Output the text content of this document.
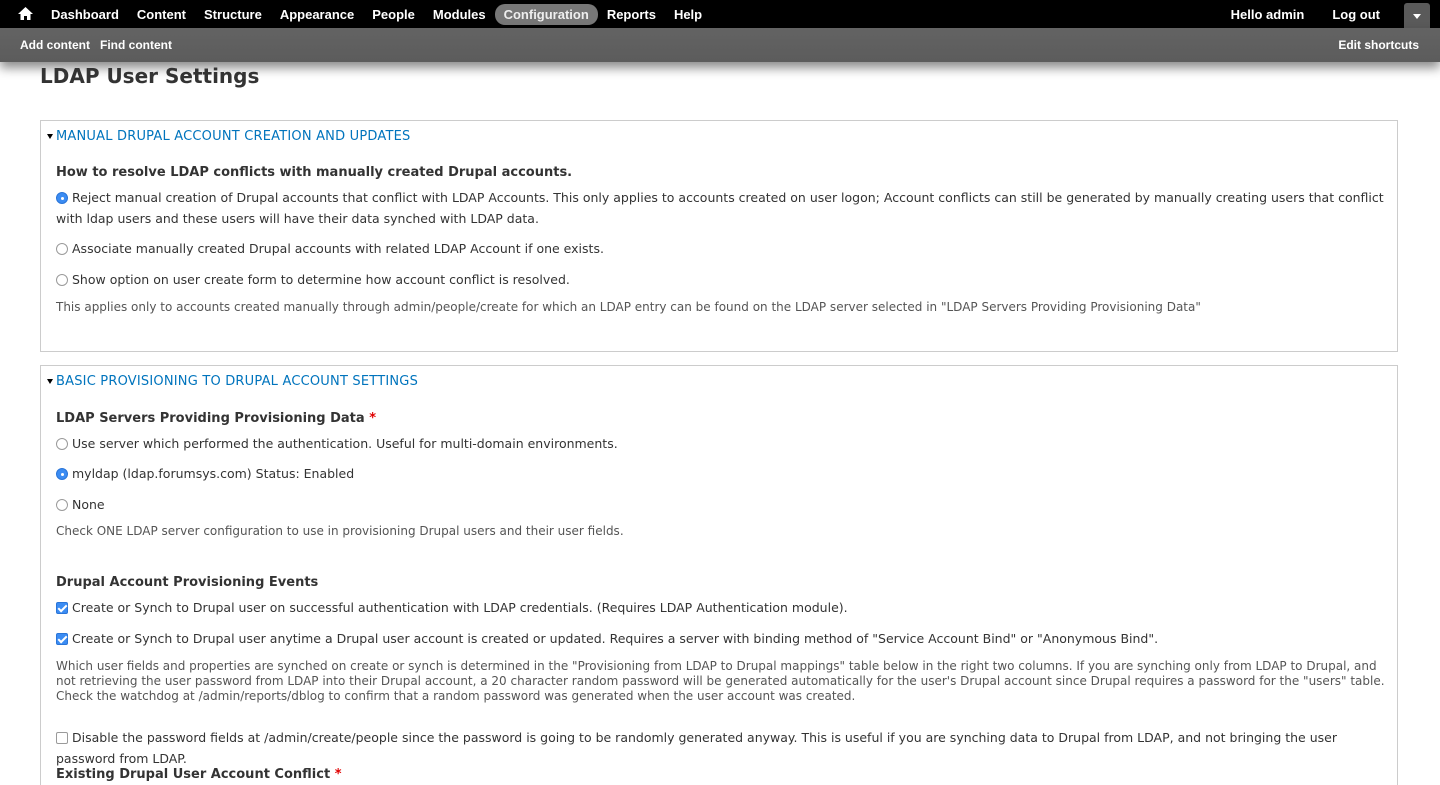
Dashboard	Content	Structure	Appearance	People	Modules	Configuration	Reports	Help	Hello admin Log out
Add content Find content	Edit shortcuts
LDAP User Settings
MANUAL DRUPAL ACCOUNT CREATION AND UPDATES
How to resolve LDAP conflicts with manually created Drupal accounts.
Reject manual creation of Drupal accounts that conflict with LDAP Accounts. This only applies to accounts created on user logon; Account conflicts can still be generated by manually creating users that conflict with ldap users and these users will have their data synched with LDAP data.
Associate manually created Drupal accounts with related LDAP Account if one exists.
Show option on user create form to determine how account conflict is resolved.
This applies only to accounts created manually through admin/people/create for which an LDAP entry can be found on the LDAP server selected in "LDAP Servers Providing Provisioning Data"
BASIC PROVISIONING TO DRUPAL ACCOUNT SETTINGS
LDAP Servers Providing Provisioning Data *
Use server which performed the authentication. Useful for multi-domain environments.
myldap (ldap.forumsys.com) Status: Enabled
None
Check ONE LDAP server configuration to use in provisioning Drupal users and their user fields.
Drupal Account Provisioning Events
Create or Synch to Drupal user on successful authentication with LDAP credentials. (Requires LDAP Authentication module).
Create or Synch to Drupal user anytime a Drupal user account is created or updated. Requires a server with binding method of "Service Account Bind" or "Anonymous Bind".
Which user fields and properties are synched on create or synch is determined in the "Provisioning from LDAP to Drupal mappings" table below in the right two columns. If you are synching only from LDAP to Drupal, and not retrieving the user password from LDAP into their Drupal account, a 20 character random password will be generated automatically for the user's Drupal account since Drupal requires a password for the "users" table. Check the watchdog at /admin/reports/dblog to confirm that a random password was generated when the user account was created.
Disable the password fields at /admin/create/people since the password is going to be randomly generated anyway. This is useful if you are synching data to Drupal from LDAP, and not bringing the user password from LDAP.
Existing Drupal User Account Conflict *
